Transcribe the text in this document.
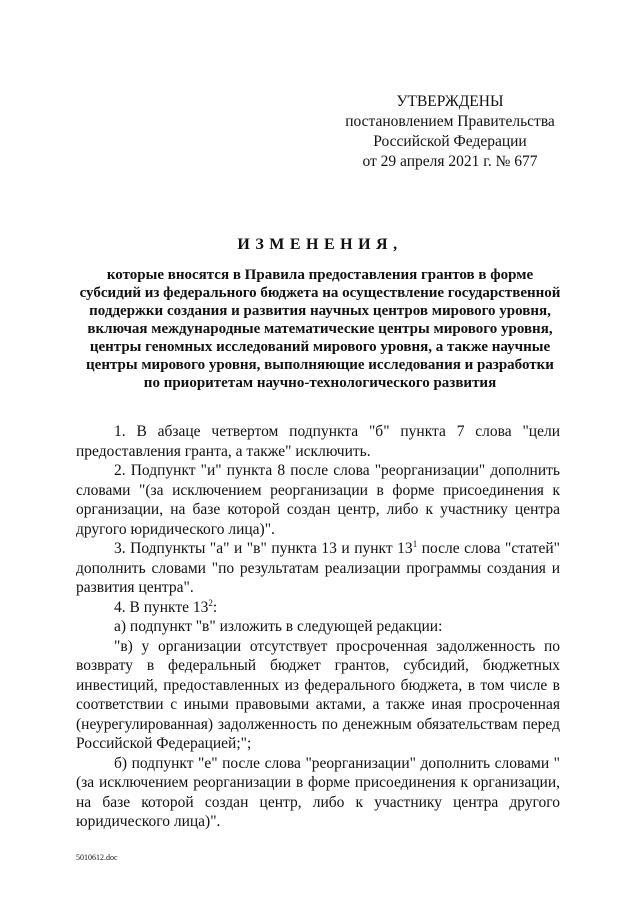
УТВЕРЖДЕНЫ
постановлением Правительства
Российской Федерации
от 29 апреля 2021 г. № 677
ИЗМЕНЕНИЯ,
которые вносятся в Правила предоставления грантов в форме
субсидий из федерального бюджета на осуществление государственной
поддержки создания и развития научных центров мирового уровня,
включая международные математические центры мирового уровня,
центры геномных исследований мирового уровня, а также научные
центры мирового уровня, выполняющие исследования и разработки
по приоритетам научно-технологического развития

1. В абзаце четвертом подпункта "б" пункта 7 слова "цели предоставления гранта, а также" исключить.

2. Подпункт "и" пункта 8 после слова "реорганизации" дополнить словами "(за исключением реорганизации в форме присоединения к организации, на базе которой создан центр, либо к участнику центра другого юридического лица)".

3. Подпункты "а" и "в" пункта 13 и пункт $13^1$ после слова "статей" дополнить словами "по результатам реализации программы создания и развития центра".

4. В пункте $13^2$:

а) подпункт "в" изложить в следующей редакции:

"в) у организации отсутствует просроченная задолженность по возврату в федеральный бюджет грантов, субсидий, бюджетных инвестиций, предоставленных из федерального бюджета, в том числе в соответствии с иными правовыми актами, а также иная просроченная (неурегулированная) задолженность по денежным обязательствам перед Российской Федерацией;";

б) подпункт "е" после слова "реорганизации" дополнить словами "(за исключением реорганизации в форме присоединения к организации, на базе которой создан центр, либо к участнику центра другого юридического лица)".

5010612.doc
